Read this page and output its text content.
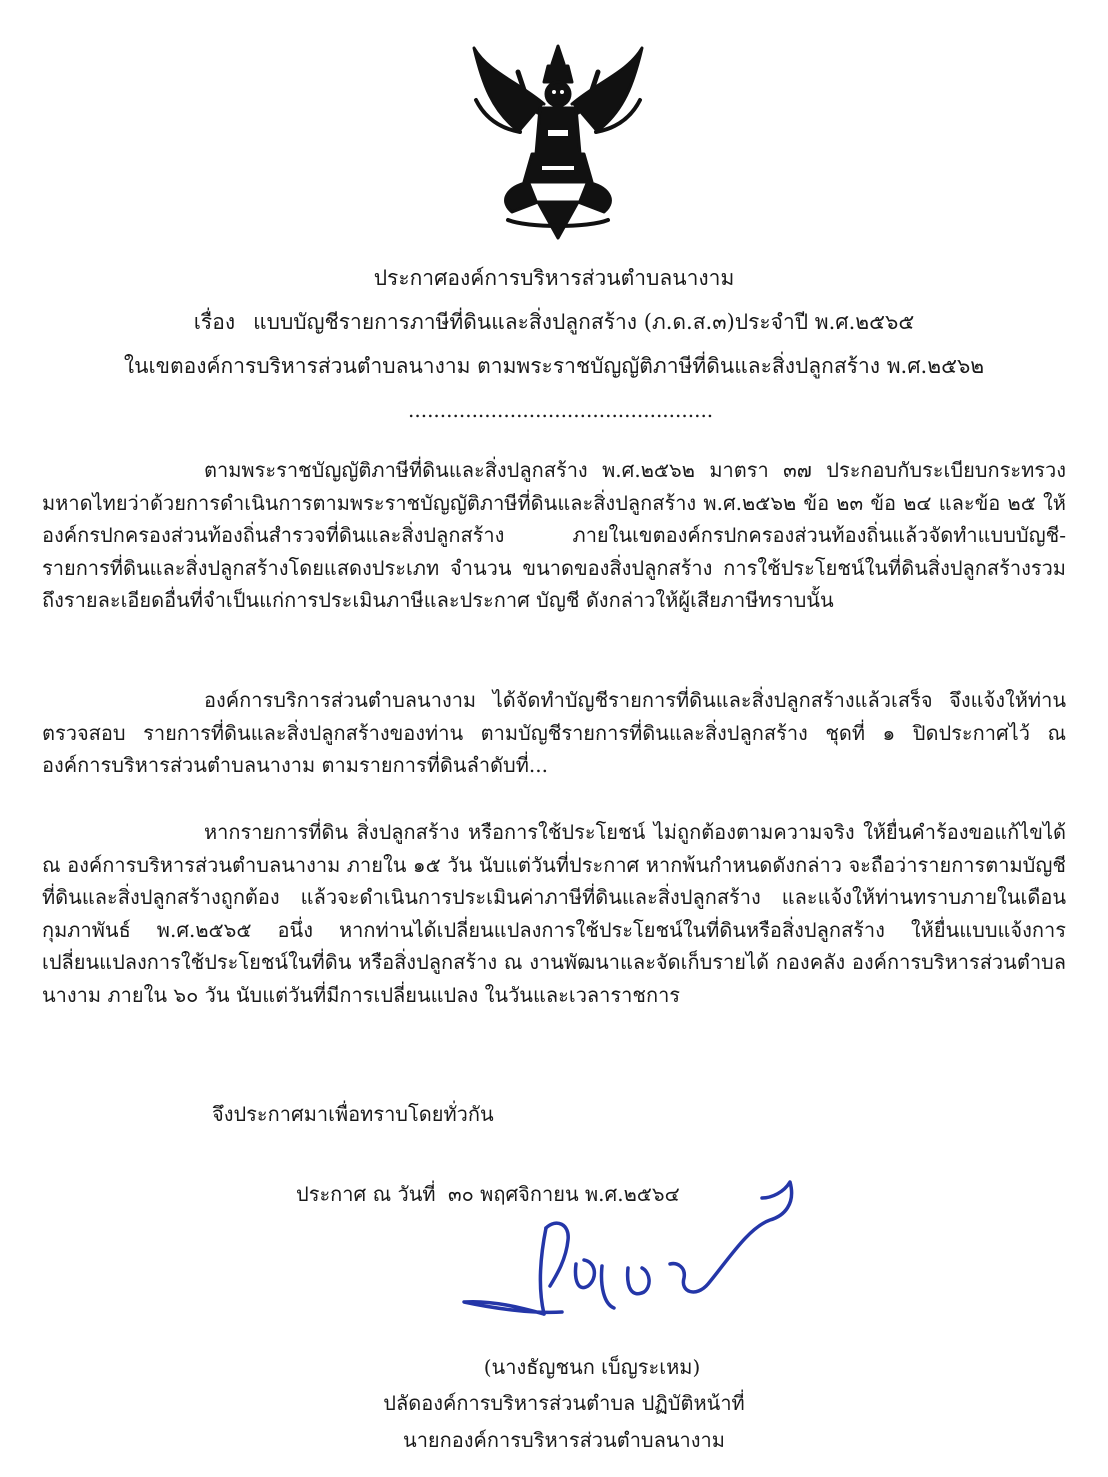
ประกาศองค์การบริหารส่วนตำบลนางาม
เรื่อง แบบบัญชีรายการภาษีที่ดินและสิ่งปลูกสร้าง (ภ.ด.ส.๓)ประจำปี พ.ศ.๒๕๖๕
ในเขตองค์การบริหารส่วนตำบลนางาม ตามพระราชบัญญัติภาษีที่ดินและสิ่งปลูกสร้าง พ.ศ.๒๕๖๒
................................................

ตามพระราชบัญญัติภาษีที่ดินและสิ่งปลูกสร้าง พ.ศ.๒๕๖๒ มาตรา ๓๗ ประกอบกับระเบียบกระทรวงมหาดไทยว่าด้วยการดำเนินการตามพระราชบัญญัติภาษีที่ดินและสิ่งปลูกสร้าง พ.ศ.๒๕๖๒ ข้อ ๒๓ ข้อ ๒๔ และข้อ ๒๕ ให้องค์กรปกครองส่วนท้องถิ่นสำรวจที่ดินและสิ่งปลูกสร้าง ภายในเขตองค์กรปกครองส่วนท้องถิ่นแล้วจัดทำแบบบัญชี-รายการที่ดินและสิ่งปลูกสร้างโดยแสดงประเภท จำนวน ขนาดของสิ่งปลูกสร้าง การใช้ประโยชน์ในที่ดินสิ่งปลูกสร้างรวมถึงรายละเอียดอื่นที่จำเป็นแก่การประเมินภาษีและประกาศ บัญชี ดังกล่าวให้ผู้เสียภาษีทราบนั้น

องค์การบริการส่วนตำบลนางาม ได้จัดทำบัญชีรายการที่ดินและสิ่งปลูกสร้างแล้วเสร็จ จึงแจ้งให้ท่านตรวจสอบ รายการที่ดินและสิ่งปลูกสร้างของท่าน ตามบัญชีรายการที่ดินและสิ่งปลูกสร้าง ชุดที่ ๑ ปิดประกาศไว้ ณ องค์การบริหารส่วนตำบลนางาม ตามรายการที่ดินลำดับที่...

หากรายการที่ดิน สิ่งปลูกสร้าง หรือการใช้ประโยชน์ ไม่ถูกต้องตามความจริง ให้ยื่นคำร้องขอแก้ไขได้ ณ องค์การบริหารส่วนตำบลนางาม ภายใน ๑๕ วัน นับแต่วันที่ประกาศ หากพ้นกำหนดดังกล่าว จะถือว่ารายการตามบัญชีที่ดินและสิ่งปลูกสร้างถูกต้อง แล้วจะดำเนินการประเมินค่าภาษีที่ดินและสิ่งปลูกสร้าง และแจ้งให้ท่านทราบภายในเดือน กุมภาพันธ์ พ.ศ.๒๕๖๕ อนึ่ง หากท่านได้เปลี่ยนแปลงการใช้ประโยชน์ในที่ดินหรือสิ่งปลูกสร้าง ให้ยื่นแบบแจ้งการเปลี่ยนแปลงการใช้ประโยชน์ในที่ดิน หรือสิ่งปลูกสร้าง ณ งานพัฒนาและจัดเก็บรายได้ กองคลัง องค์การบริหารส่วนตำบลนางาม ภายใน ๖๐ วัน นับแต่วันที่มีการเปลี่ยนแปลง ในวันและเวลาราชการ

จึงประกาศมาเพื่อทราบโดยทั่วกัน
ประกาศ ณ วันที่ ๓๐ พฤศจิกายน พ.ศ.๒๕๖๔
(นางธัญชนก เบ็ญระเหม)
ปลัดองค์การบริหารส่วนตำบล ปฏิบัติหน้าที่
นายกองค์การบริหารส่วนตำบลนางาม
